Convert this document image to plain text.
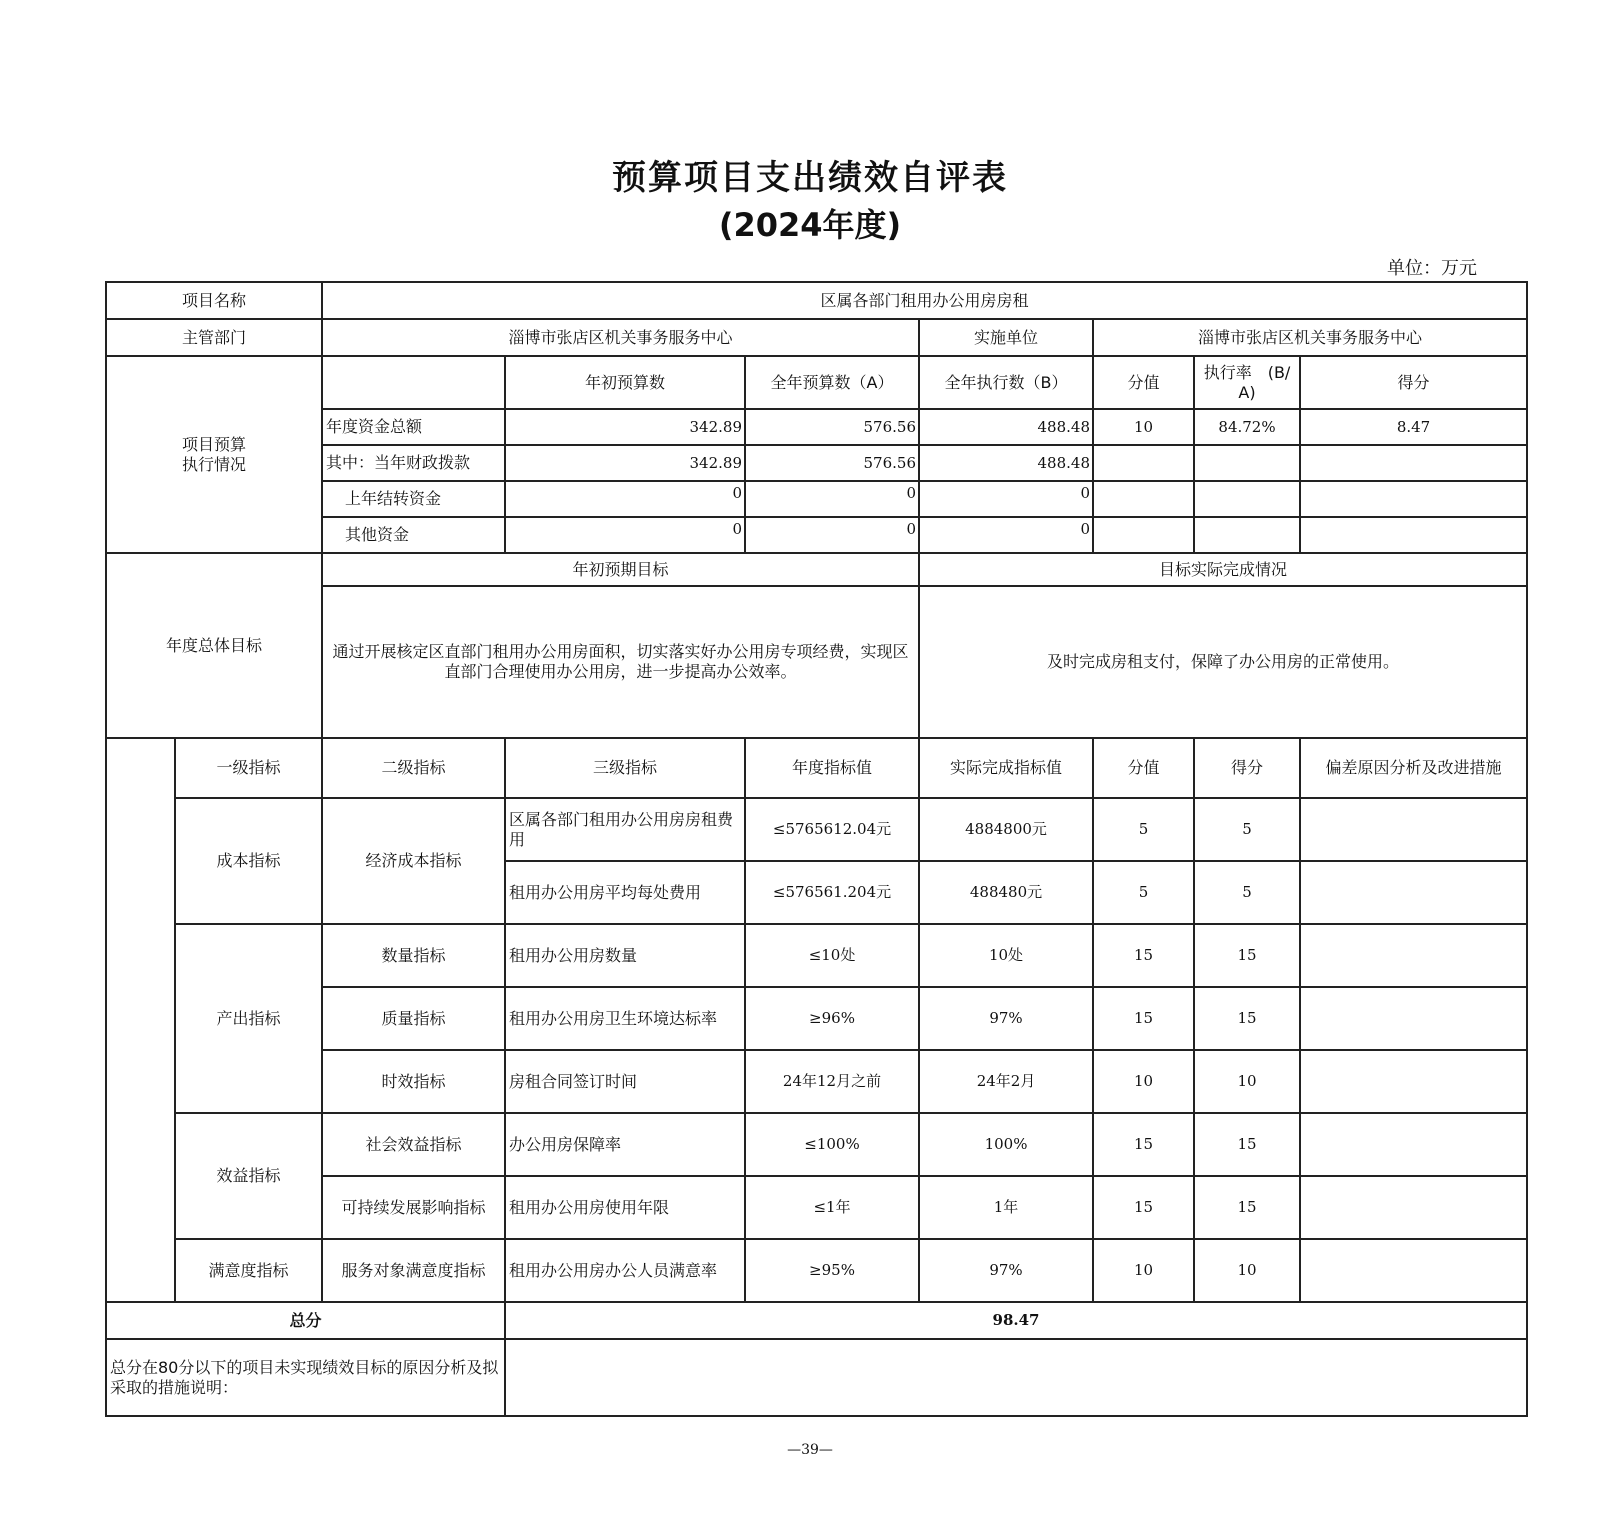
预算项目支出绩效自评表
(2024年度)
单位：万元
项目名称		区属各部门租用办公用房房租						
主管部门		淄博市张店区机关事务服务中心			实施单位	淄博市张店区机关事务服务中心		
项目预算
执行情况			年初预算数	全年预算数（A）	全年执行数（B）	分值	执行率　(B/A)	得分
		年度资金总额	342.89	576.56	488.48	10	84.72%	8.47
		其中：当年财政拨款	342.89	576.56	488.48			
		上年结转资金	0	0	0			
		其他资金	0	0	0			
年度总体目标		年初预期目标			目标实际完成情况			
		通过开展核定区直部门租用办公用房面积，切实落实好办公用房专项经费，实现区直部门合理使用办公用房，进一步提高办公效率。			及时完成房租支付，保障了办公用房的正常使用。			
	一级指标	二级指标	三级指标	年度指标值	实际完成指标值	分值	得分	偏差原因分析及改进措施
	成本指标	经济成本指标	区属各部门租用办公用房房租费用	≤5765612.04元	4884800元	5	5	
			租用办公用房平均每处费用	≤576561.204元	488480元	5	5	
	产出指标	数量指标	租用办公用房数量	≤10处	10处	15	15	
		质量指标	租用办公用房卫生环境达标率	≥96%	97%	15	15	
		时效指标	房租合同签订时间	24年12月之前	24年2月	10	10	
	效益指标	社会效益指标	办公用房保障率	≤100%	100%	15	15	
		可持续发展影响指标	租用办公用房使用年限	≤1年	1年	15	15	
	满意度指标	服务对象满意度指标	租用办公用房办公人员满意率	≥95%	97%	10	10	
总分			98.47					
总分在80分以下的项目未实现绩效目标的原因分析及拟采取的措施说明：								
—39—
